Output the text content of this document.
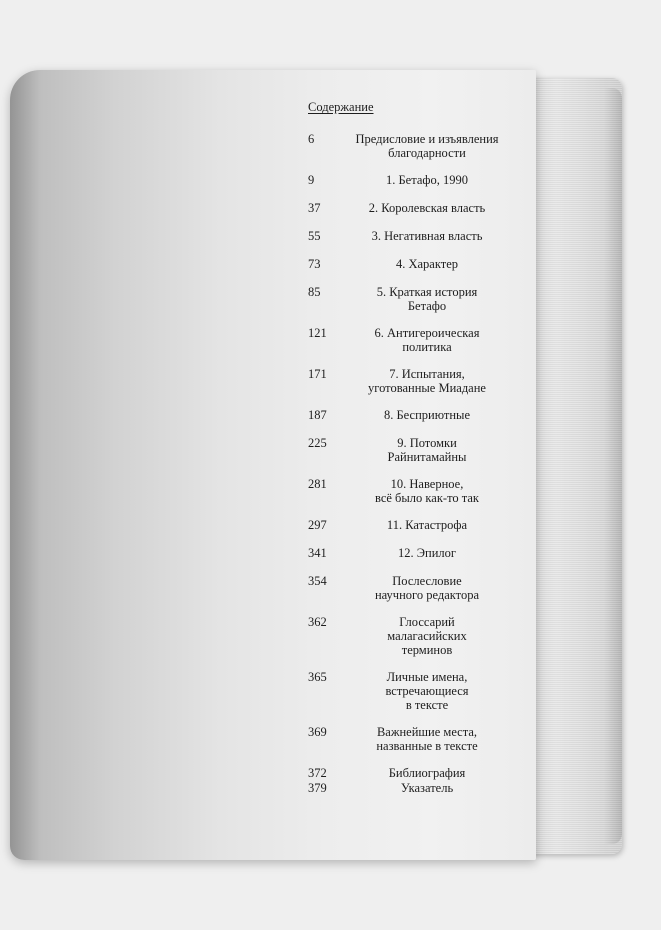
Содержание
6	Предисловие и изъявления
благодарности
9	1. Бетафо, 1990
37	2. Королевская власть
55	3. Негативная власть
73	4. Характер
85	5. Краткая история
Бетафо
121	6. Антигероическая
политика
171	7. Испытания,
уготованные Миадане
187	8. Бесприютные
225	9. Потомки
Райнитамайны
281	10. Наверное,
всё было как-то так
297	11. Катастрофа
341	12. Эпилог
354	Послесловие
научного редактора
362	Глоссарий
малагасийских
терминов
365	Личные имена,
встречающиеся
в тексте
369	Важнейшие места,
названные в тексте
372	Библиография
379	Указатель
